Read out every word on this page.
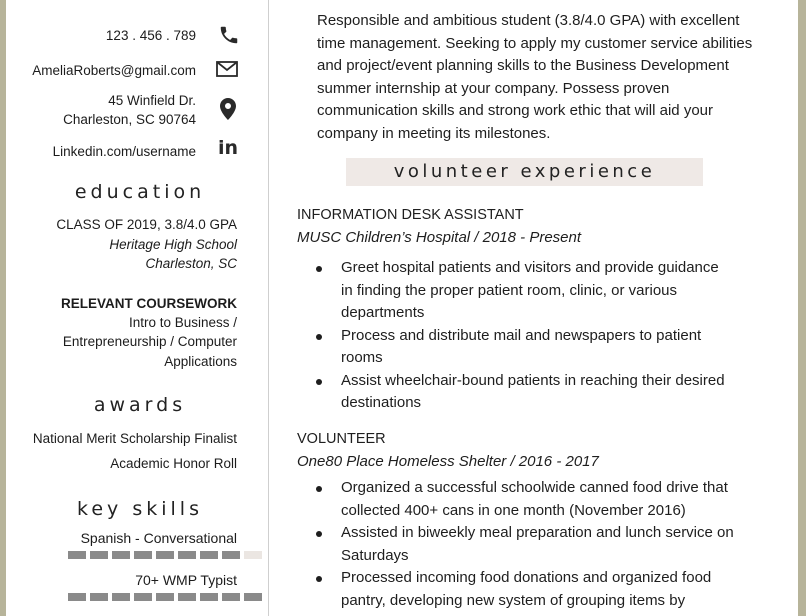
123 . 456 . 789
AmeliaRoberts@gmail.com
45 Winfield Dr.
Charleston, SC 90764
Linkedin.com/username in
education
CLASS OF 2019, 3.8/4.0 GPA
Heritage High School
Charleston, SC
RELEVANT COURSEWORK
Intro to Business /
Entrepreneurship / Computer
Applications
awards
National Merit Scholarship Finalist
Academic Honor Roll
key skills
Spanish - Conversational
70+ WMP Typist
Responsible and ambitious student (3.8/4.0 GPA) with excellent
time management. Seeking to apply my customer service abilities
and project/event planning skills to the Business Development
summer internship at your company. Possess proven
communication skills and strong work ethic that will aid your
company in meeting its milestones.
volunteer experience
INFORMATION DESK ASSISTANT
MUSC Children’s Hospital / 2018 - Present
Greet hospital patients and visitors and provide guidance
in finding the proper patient room, clinic, or various
departments
Process and distribute mail and newspapers to patient
rooms
Assist wheelchair-bound patients in reaching their desired
destinations
VOLUNTEER
One80 Place Homeless Shelter / 2016 - 2017
Organized a successful schoolwide canned food drive that
collected 400+ cans in one month (November 2016)
Assisted in biweekly meal preparation and lunch service on
Saturdays
Processed incoming food donations and organized food
pantry, developing new system of grouping items by
